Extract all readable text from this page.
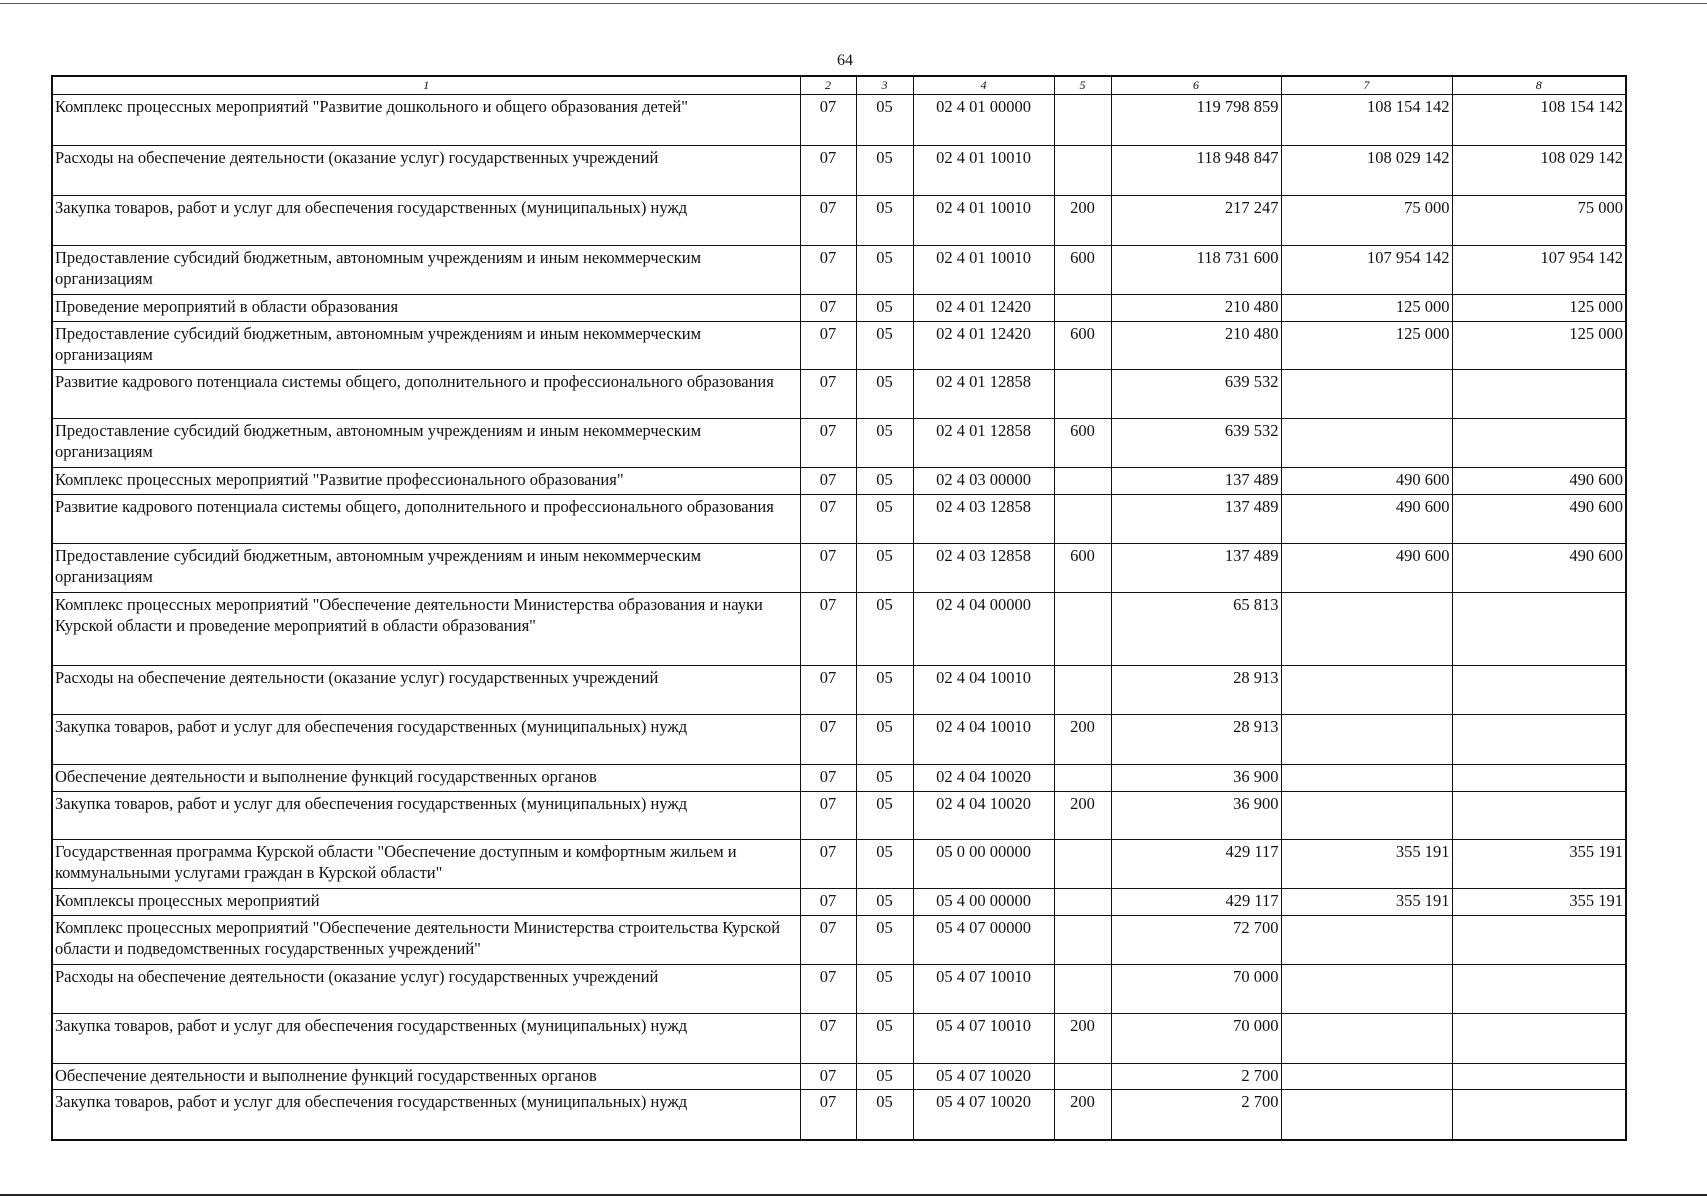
64
1	2	3	4	5	6	7	8
Комплекс процессных мероприятий "Развитие дошкольного и общего образования детей"	07	05	02 4 01 00000		119 798 859	108 154 142	108 154 142
Расходы на обеспечение деятельности (оказание услуг) государственных учреждений	07	05	02 4 01 10010		118 948 847	108 029 142	108 029 142
Закупка товаров, работ и услуг для обеспечения государственных (муниципальных) нужд	07	05	02 4 01 10010	200	217 247	75 000	75 000
Предоставление субсидий бюджетным, автономным учреждениям и иным некоммерческим организациям	07	05	02 4 01 10010	600	118 731 600	107 954 142	107 954 142
Проведение мероприятий в области образования	07	05	02 4 01 12420		210 480	125 000	125 000
Предоставление субсидий бюджетным, автономным учреждениям и иным некоммерческим организациям	07	05	02 4 01 12420	600	210 480	125 000	125 000
Развитие кадрового потенциала системы общего, дополнительного и профессионального образования	07	05	02 4 01 12858		639 532		
Предоставление субсидий бюджетным, автономным учреждениям и иным некоммерческим организациям	07	05	02 4 01 12858	600	639 532		
Комплекс процессных мероприятий "Развитие профессионального образования"	07	05	02 4 03 00000		137 489	490 600	490 600
Развитие кадрового потенциала системы общего, дополнительного и профессионального образования	07	05	02 4 03 12858		137 489	490 600	490 600
Предоставление субсидий бюджетным, автономным учреждениям и иным некоммерческим организациям	07	05	02 4 03 12858	600	137 489	490 600	490 600
Комплекс процессных мероприятий "Обеспечение деятельности Министерства образования и науки Курской области и проведение мероприятий в области образования"	07	05	02 4 04 00000		65 813		
Расходы на обеспечение деятельности (оказание услуг) государственных учреждений	07	05	02 4 04 10010		28 913		
Закупка товаров, работ и услуг для обеспечения государственных (муниципальных) нужд	07	05	02 4 04 10010	200	28 913		
Обеспечение деятельности и выполнение функций государственных органов	07	05	02 4 04 10020		36 900		
Закупка товаров, работ и услуг для обеспечения государственных (муниципальных) нужд	07	05	02 4 04 10020	200	36 900		
Государственная программа Курской области "Обеспечение доступным и комфортным жильем и коммунальными услугами граждан в Курской области"	07	05	05 0 00 00000		429 117	355 191	355 191
Комплексы процессных мероприятий	07	05	05 4 00 00000		429 117	355 191	355 191
Комплекс процессных мероприятий "Обеспечение деятельности Министерства строительства Курской области и подведомственных государственных учреждений"	07	05	05 4 07 00000		72 700		
Расходы на обеспечение деятельности (оказание услуг) государственных учреждений	07	05	05 4 07 10010		70 000		
Закупка товаров, работ и услуг для обеспечения государственных (муниципальных) нужд	07	05	05 4 07 10010	200	70 000		
Обеспечение деятельности и выполнение функций государственных органов	07	05	05 4 07 10020		2 700		
Закупка товаров, работ и услуг для обеспечения государственных (муниципальных) нужд	07	05	05 4 07 10020	200	2 700		
